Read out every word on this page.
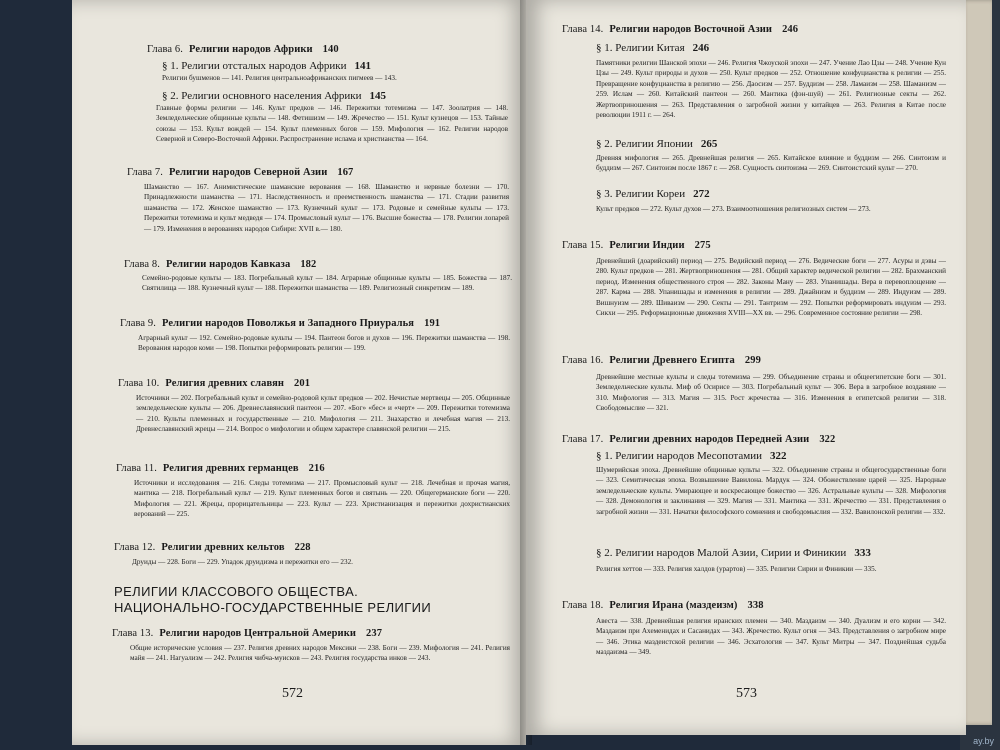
Глава 6. Религии народов Африки 140
§ 1. Религии отсталых народов Африки 141
Религии бушменов — 141. Религия центральноафриканских пигмеев — 143.
§ 2. Религии основного населения Африки 145
Главные формы религии — 146. Культ предков — 146. Пережитки тотемизма — 147. Зоолатрия — 148. Земледельческие общинные культы — 148. Фетишизм — 149. Жречество — 151. Культ кузнецов — 153. Тайные союзы — 153. Культ вождей — 154. Культ племенных богов — 159. Мифология — 162. Религии народов Северной и Северо-Восточной Африки. Распространение ислама и христианства — 164.
Глава 7. Религии народов Северной Азии 167
Шаманство — 167. Анимистические шаманские верования — 168. Шаманство и нервные болезни — 170. Принадлежности шаманства — 171. Наследственность и преемственность шаманства — 171. Стадии развития шаманства — 172. Женское шаманство — 173. Кузнечный культ — 173. Родовые и семейные культы — 173. Пережитки тотемизма и культ медведя — 174. Промысловый культ — 176. Высшие божества — 178. Религии лопарей — 179. Изменения в верованиях народов Сибири: XVII в.— 180.
Глава 8. Религии народов Кавказа 182
Семейно-родовые культы — 183. Погребальный культ — 184. Аграрные общинные культы — 185. Божества — 187. Святилища — 188. Кузнечный культ — 188. Пережитки шаманства — 189. Религиозный синкретизм — 189.
Глава 9. Религии народов Поволжья и Западного Приуралья 191
Аграрный культ — 192. Семейно-родовые культы — 194. Пантеон богов и духов — 196. Пережитки шаманства — 198. Верования народов коми — 198. Попытки реформировать религии — 199.
Глава 10. Религия древних славян 201
Источники — 202. Погребальный культ и семейно-родовой культ предков — 202. Нечистые мертвецы — 205. Общинные земледельческие культы — 206. Древнеславянский пантеон — 207. «Бог» «бес» и «черт» — 209. Пережитки тотемизма — 210. Культы племенных и государственные — 210. Мифология — 211. Знахарство и лечебная магия — 213. Древнеславянский жрецы — 214. Вопрос о мифологии и общем характере славянской религии — 215.
Глава 11. Религия древних германцев 216
Источники и исследования — 216. Следы тотемизма — 217. Промысловый культ — 218. Лечебная и прочая магия, мантика — 218. Погребальный культ — 219. Культ племенных богов и святынь — 220. Общегерманские боги — 220. Мифология — 221. Жрецы, прорицательницы — 223. Культ — 223. Христианизация и пережитки дохристианских верований — 225.
Глава 12. Религии древних кельтов 228
Друиды — 228. Боги — 229. Упадок друидизма и пережитки его — 232.
РЕЛИГИИ КЛАССОВОГО ОБЩЕСТВА.
НАЦИОНАЛЬНО-ГОСУДАРСТВЕННЫЕ РЕЛИГИИ
Глава 13. Религии народов Центральной Америки 237
Общие исторические условия — 237. Религия древних народов Мексики — 238. Боги — 239. Мифология — 241. Религия майя — 241. Нагуализм — 242. Религия чибча-муисков — 243. Религия государства инков — 243.
572
Глава 14. Религии народов Восточной Азии 246
§ 1. Религии Китая 246
Памятники религии Шанской эпохи — 246. Религия Чжоуской эпохи — 247. Учение Лао Цзы — 248. Учение Кун Цзы — 249. Культ природы и духов — 250. Культ предков — 252. Отношение конфуцианства к религии — 255. Превращение конфуцианства в религию — 256. Даосизм — 257. Буддизм — 258. Ламаизм — 258. Шаманизм — 259. Ислам — 260. Китайский пантеон — 260. Мантика (фэн-шуй) — 261. Религиозные секты — 262. Жертвоприношения — 263. Представления о загробной жизни у китайцев — 263. Религия в Китае после революции 1911 г. — 264.
§ 2. Религии Японии 265
Древняя мифология — 265. Древнейшая религия — 265. Китайское влияние и буддизм — 266. Синтоизм и буддизм — 267. Синтоизм после 1867 г. — 268. Сущность синтоизма — 269. Синтоистский культ — 270.
§ 3. Религии Кореи 272
Культ предков — 272. Культ духов — 273. Взаимоотношения религиозных систем — 273.
Глава 15. Религии Индии 275
Древнейший (доарийский) период — 275. Ведийский период — 276. Ведические боги — 277. Асуры и дэвы — 280. Культ предков — 281. Жертвоприношения — 281. Общий характер ведической религии — 282. Брахманский период. Изменения общественного строя — 282. Законы Ману — 283. Упанишады. Вера в перевоплощение — 287. Карма — 288. Упанишады и изменения в религии — 289. Джайнизм и буддизм — 289. Индуизм — 289. Вишнуизм — 289. Шиваизм — 290. Секты — 291. Тантризм — 292. Попытки реформировать индуизм — 293. Сикхи — 295. Реформационные движения XVIII—XX вв. — 296. Современное состояние религии — 298.
Глава 16. Религии Древнего Египта 299
Древнейшие местные культы и следы тотемизма — 299. Объединение страны и общеегипетские боги — 301. Земледельческие культы. Миф об Осирисе — 303. Погребальный культ — 306. Вера в загробное воздаяние — 310. Мифология — 313. Магия — 315. Рост жречества — 316. Изменения в египетской религии — 318. Свободомыслие — 321.
Глава 17. Религии древних народов Передней Азии 322
§ 1. Религии народов Месопотамии 322
Шумерийская эпоха. Древнейшие общинные культы — 322. Объединение страны и общегосударственные боги — 323. Семитическая эпоха. Возвышение Вавилона. Мардук — 324. Обожествление царей — 325. Народные земледельческие культы. Умирающее и воскресающее божество — 326. Астральные культы — 328. Мифология — 328. Демонология и заклинания — 329. Магия — 331. Мантика — 331. Жречество — 331. Представления о загробной жизни — 331. Начатки философского сомнения и свободомыслия — 332. Вавилонской религии — 332.
§ 2. Религии народов Малой Азии, Сирии и Финикии 333
Религия хеттов — 333. Религия халдов (урартов) — 335. Религии Сирии и Финикии — 335.
Глава 18. Религия Ирана (маздеизм) 338
Авеста — 338. Древнейшая религия иранских племен — 340. Маздаизм — 340. Дуализм и его корни — 342. Маздаизм при Ахеменидах и Сасанидах — 343. Жречество. Культ огня — 343. Представления о загробном мире — 346. Этика маздеистской религии — 346. Эсхатология — 347. Культ Митры — 347. Позднейшая судьба маздаизма — 349.
573
ay.by
